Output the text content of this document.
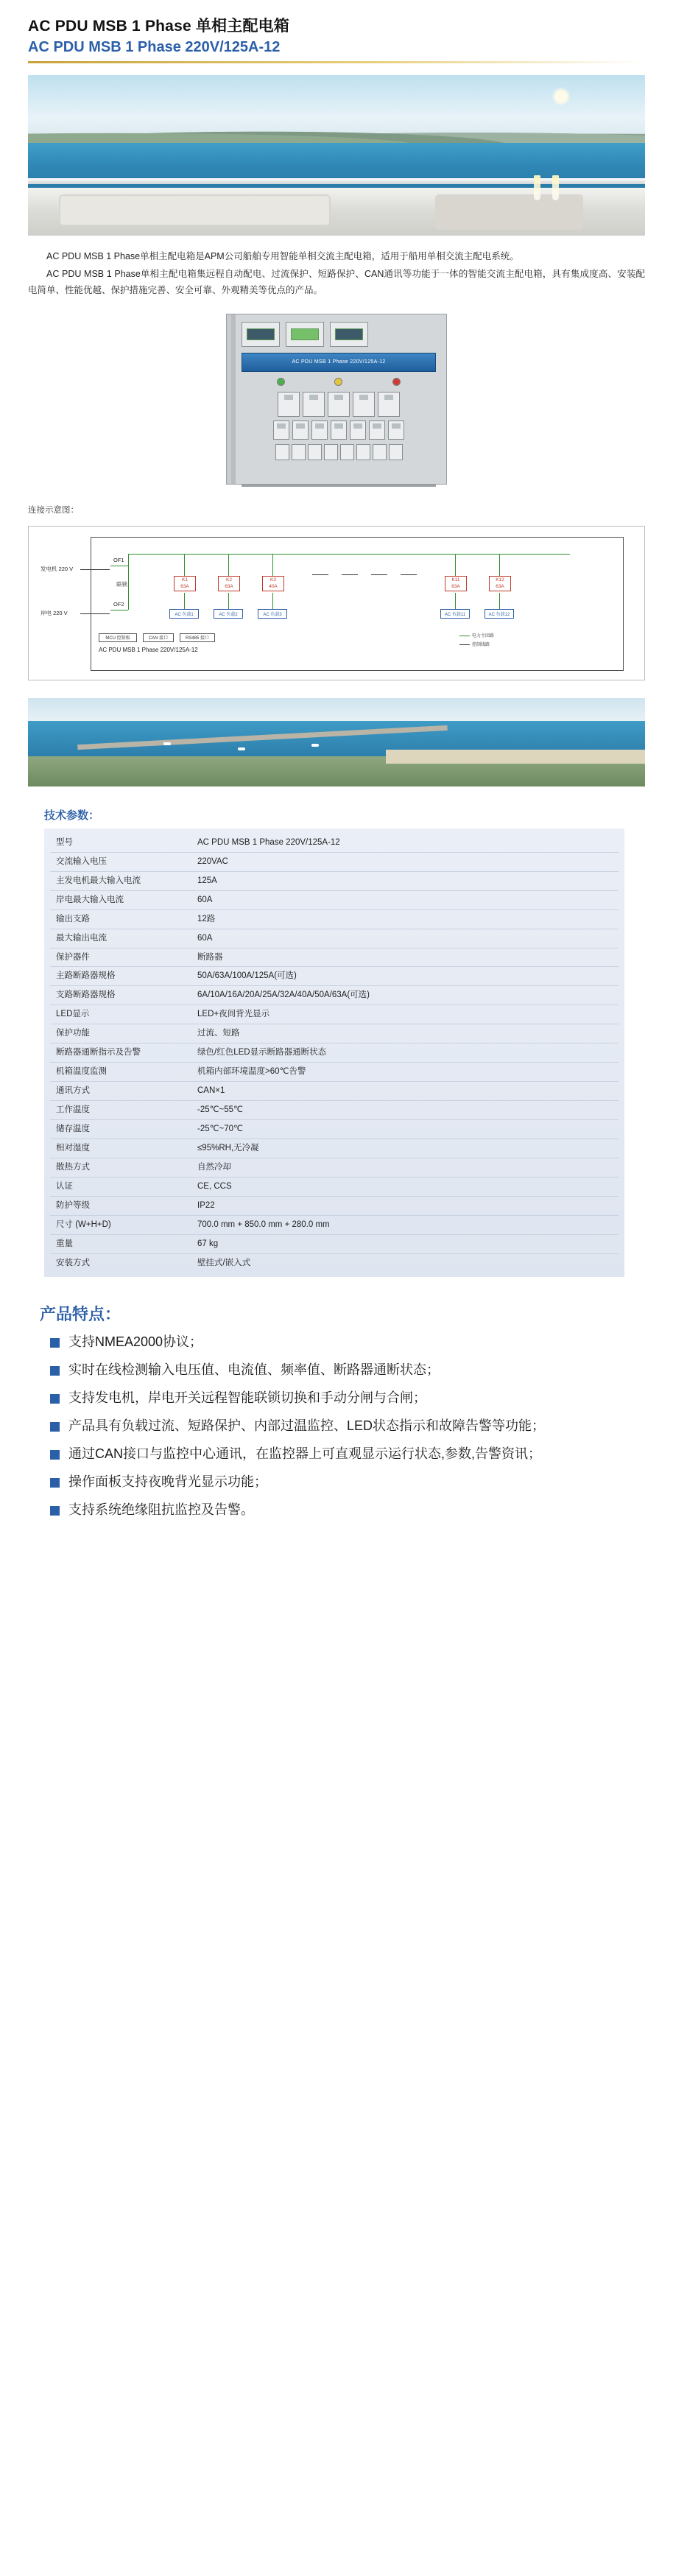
AC PDU MSB 1 Phase 单相主配电箱
AC PDU MSB 1 Phase 220V/125A-12

AC PDU MSB 1 Phase单相主配电箱是APM公司船舶专用智能单相交流主配电箱，适用于船用单相交流主配电系统。

AC PDU MSB 1 Phase单相主配电箱集远程自动配电、过流保护、短路保护、CAN通讯等功能于一体的智能交流主配电箱，具有集成度高、安装配电简单、性能优越、保护措施完善、安全可靠、外观精美等优点的产品。

AC PDU MSB 1 Phase 220V/125A-12
连接示意图：
发电机 220 V
岸电 220 V
OF1
OF2
联锁
K1
63A
K2
63A
K3
40A
K11
63A
K12
63A
AC 负载1	AC 负载2	AC 负载3	AC 负载11	AC 负载12
MCU 控制板	CAN 接口	RS485 接口
AC PDU MSB 1 Phase 220V/125A-12
电力主回路
控制线路
技术参数：
型号	AC PDU MSB 1 Phase 220V/125A-12
交流输入电压	220VAC
主发电机最大输入电流	125A
岸电最大输入电流	60A
输出支路	12路
最大输出电流	60A
保护器件	断路器
主路断路器规格	50A/63A/100A/125A(可选)
支路断路器规格	6A/10A/16A/20A/25A/32A/40A/50A/63A(可选)
LED显示	LED+夜间背光显示
保护功能	过流、短路
断路器通断指示及告警	绿色/红色LED显示断路器通断状态
机箱温度监测	机箱内部环境温度>60℃告警
通讯方式	CAN×1
工作温度	-25℃~55℃
储存温度	-25℃~70℃
相对湿度	≤95%RH,无冷凝
散热方式	自然冷却
认证	CE, CCS
防护等级	IP22
尺寸 (W+H+D)	700.0 mm + 850.0 mm + 280.0 mm
重量	67 kg
安装方式	壁挂式/嵌入式
产品特点：
支持NMEA2000协议；
实时在线检测输入电压值、电流值、频率值、断路器通断状态；
支持发电机，岸电开关远程智能联锁切换和手动分闸与合闸；
产品具有负载过流、短路保护、内部过温监控、LED状态指示和故障告警等功能；
通过CAN接口与监控中心通讯，在监控器上可直观显示运行状态,参数,告警资讯；
操作面板支持夜晚背光显示功能；
支持系统绝缘阻抗监控及告警。
